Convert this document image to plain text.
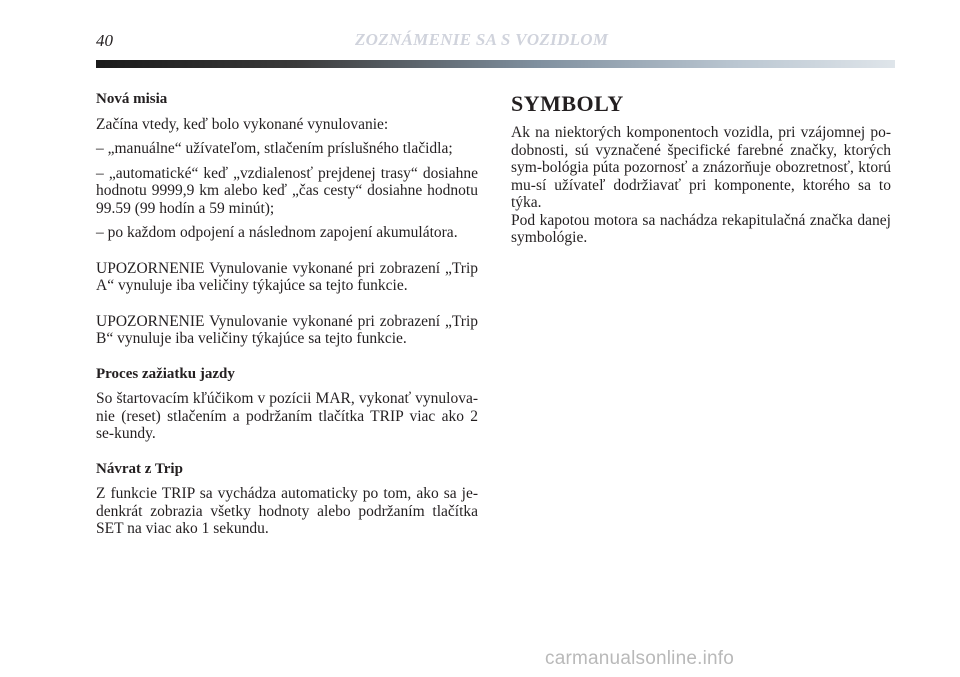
40	ZOZNÁMENIE SA S VOZIDLOM
Nová misia

Začína vtedy, keď bolo vykonané vynulovanie:

– „manuálne“ užívateľom, stlačením príslušného tlačidla;

– „automatické“ keď „vzdialenosť prejdenej trasy“ dosiahne hodnotu 9999,9 km alebo keď „čas cesty“ dosiahne hodnotu 99.59 (99 hodín a 59 minút);

– po každom odpojení a následnom zapojení akumulátora.

UPOZORNENIE Vynulovanie vykonané pri zobrazení „Trip A“ vynuluje iba veličiny týkajúce sa tejto funkcie.

UPOZORNENIE Vynulovanie vykonané pri zobrazení „Trip B“ vynuluje iba veličiny týkajúce sa tejto funkcie.

Proces zažiatku jazdy

So štartovacím kľúčikom v pozícii MAR, vykonať vynulova-nie (reset) stlačením a podržaním tlačítka TRIP viac ako 2 se-kundy.

Návrat z Trip

Z funkcie TRIP sa vychádza automaticky po tom, ako sa je-denkrát zobrazia všetky hodnoty alebo podržaním tlačítka SET na viac ako 1 sekundu.

SYMBOLY

Ak na niektorých komponentoch vozidla, pri vzájomnej po-dobnosti, sú vyznačené špecifické farebné značky, ktorých sym-bológia púta pozornosť a znázorňuje obozretnosť, ktorú mu-sí užívateľ dodržiavať pri komponente, ktorého sa to týka.

Pod kapotou motora sa nachádza rekapitulačná značka danej symbológie.

carmanualsonline.info
